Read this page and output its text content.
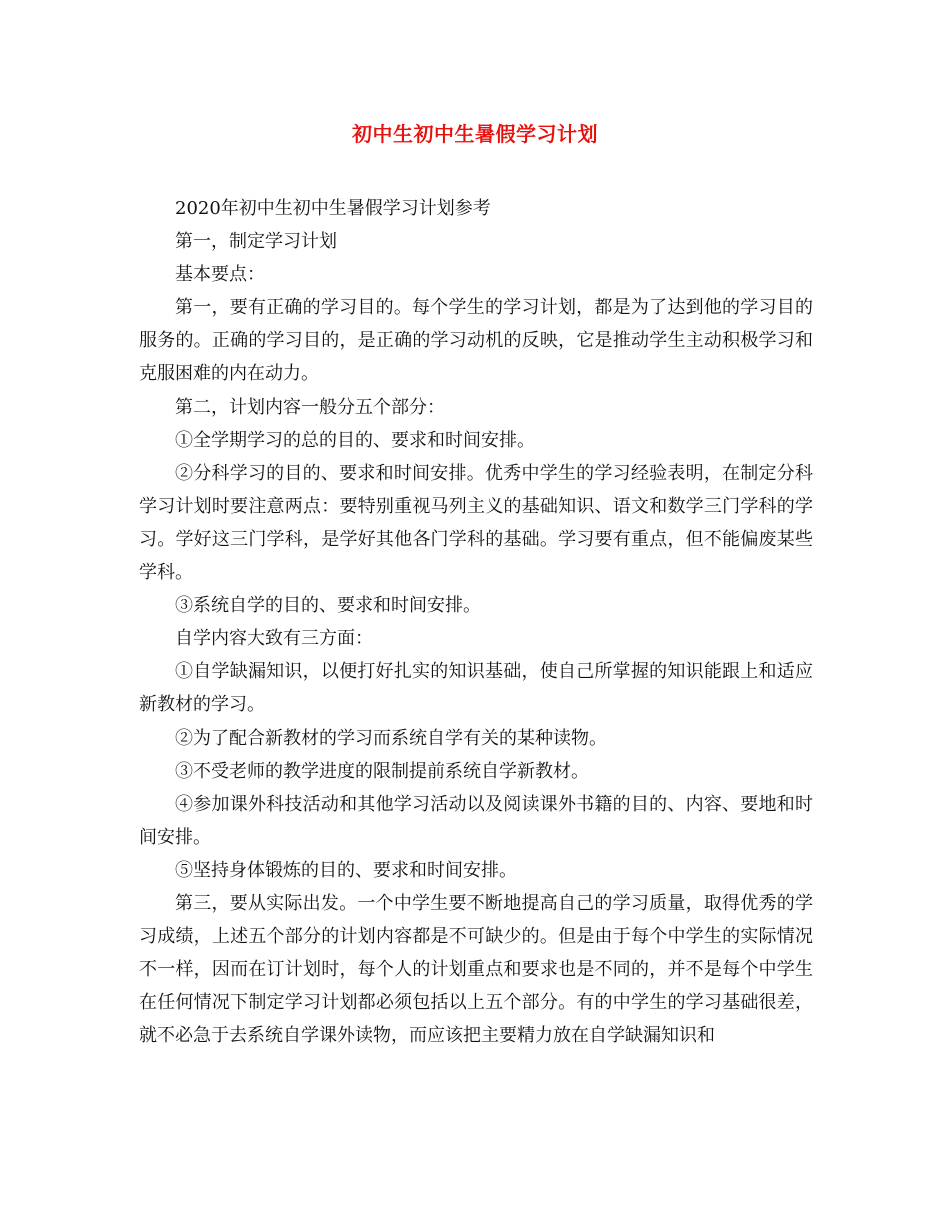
初中生初中生暑假学习计划

2020年初中生初中生暑假学习计划参考

第一，制定学习计划

基本要点：

第一，要有正确的学习目的。每个学生的学习计划，都是为了达到他的学习目的服务的。正确的学习目的，是正确的学习动机的反映，它是推动学生主动积极学习和克服困难的内在动力。

第二，计划内容一般分五个部分：

①全学期学习的总的目的、要求和时间安排。

②分科学习的目的、要求和时间安排。优秀中学生的学习经验表明，在制定分科学习计划时要注意两点：要特别重视马列主义的基础知识、语文和数学三门学科的学习。学好这三门学科，是学好其他各门学科的基础。学习要有重点，但不能偏废某些学科。

③系统自学的目的、要求和时间安排。

自学内容大致有三方面：

①自学缺漏知识，以便打好扎实的知识基础，使自己所掌握的知识能跟上和适应新教材的学习。

②为了配合新教材的学习而系统自学有关的某种读物。

③不受老师的教学进度的限制提前系统自学新教材。

④参加课外科技活动和其他学习活动以及阅读课外书籍的目的、内容、要地和时间安排。

⑤坚持身体锻炼的目的、要求和时间安排。

第三，要从实际出发。一个中学生要不断地提高自己的学习质量，取得优秀的学习成绩，上述五个部分的计划内容都是不可缺少的。但是由于每个中学生的实际情况不一样，因而在订计划时，每个人的计划重点和要求也是不同的，并不是每个中学生在任何情况下制定学习计划都必须包括以上五个部分。有的中学生的学习基础很差，就不必急于去系统自学课外读物，而应该把主要精力放在自学缺漏知识和
